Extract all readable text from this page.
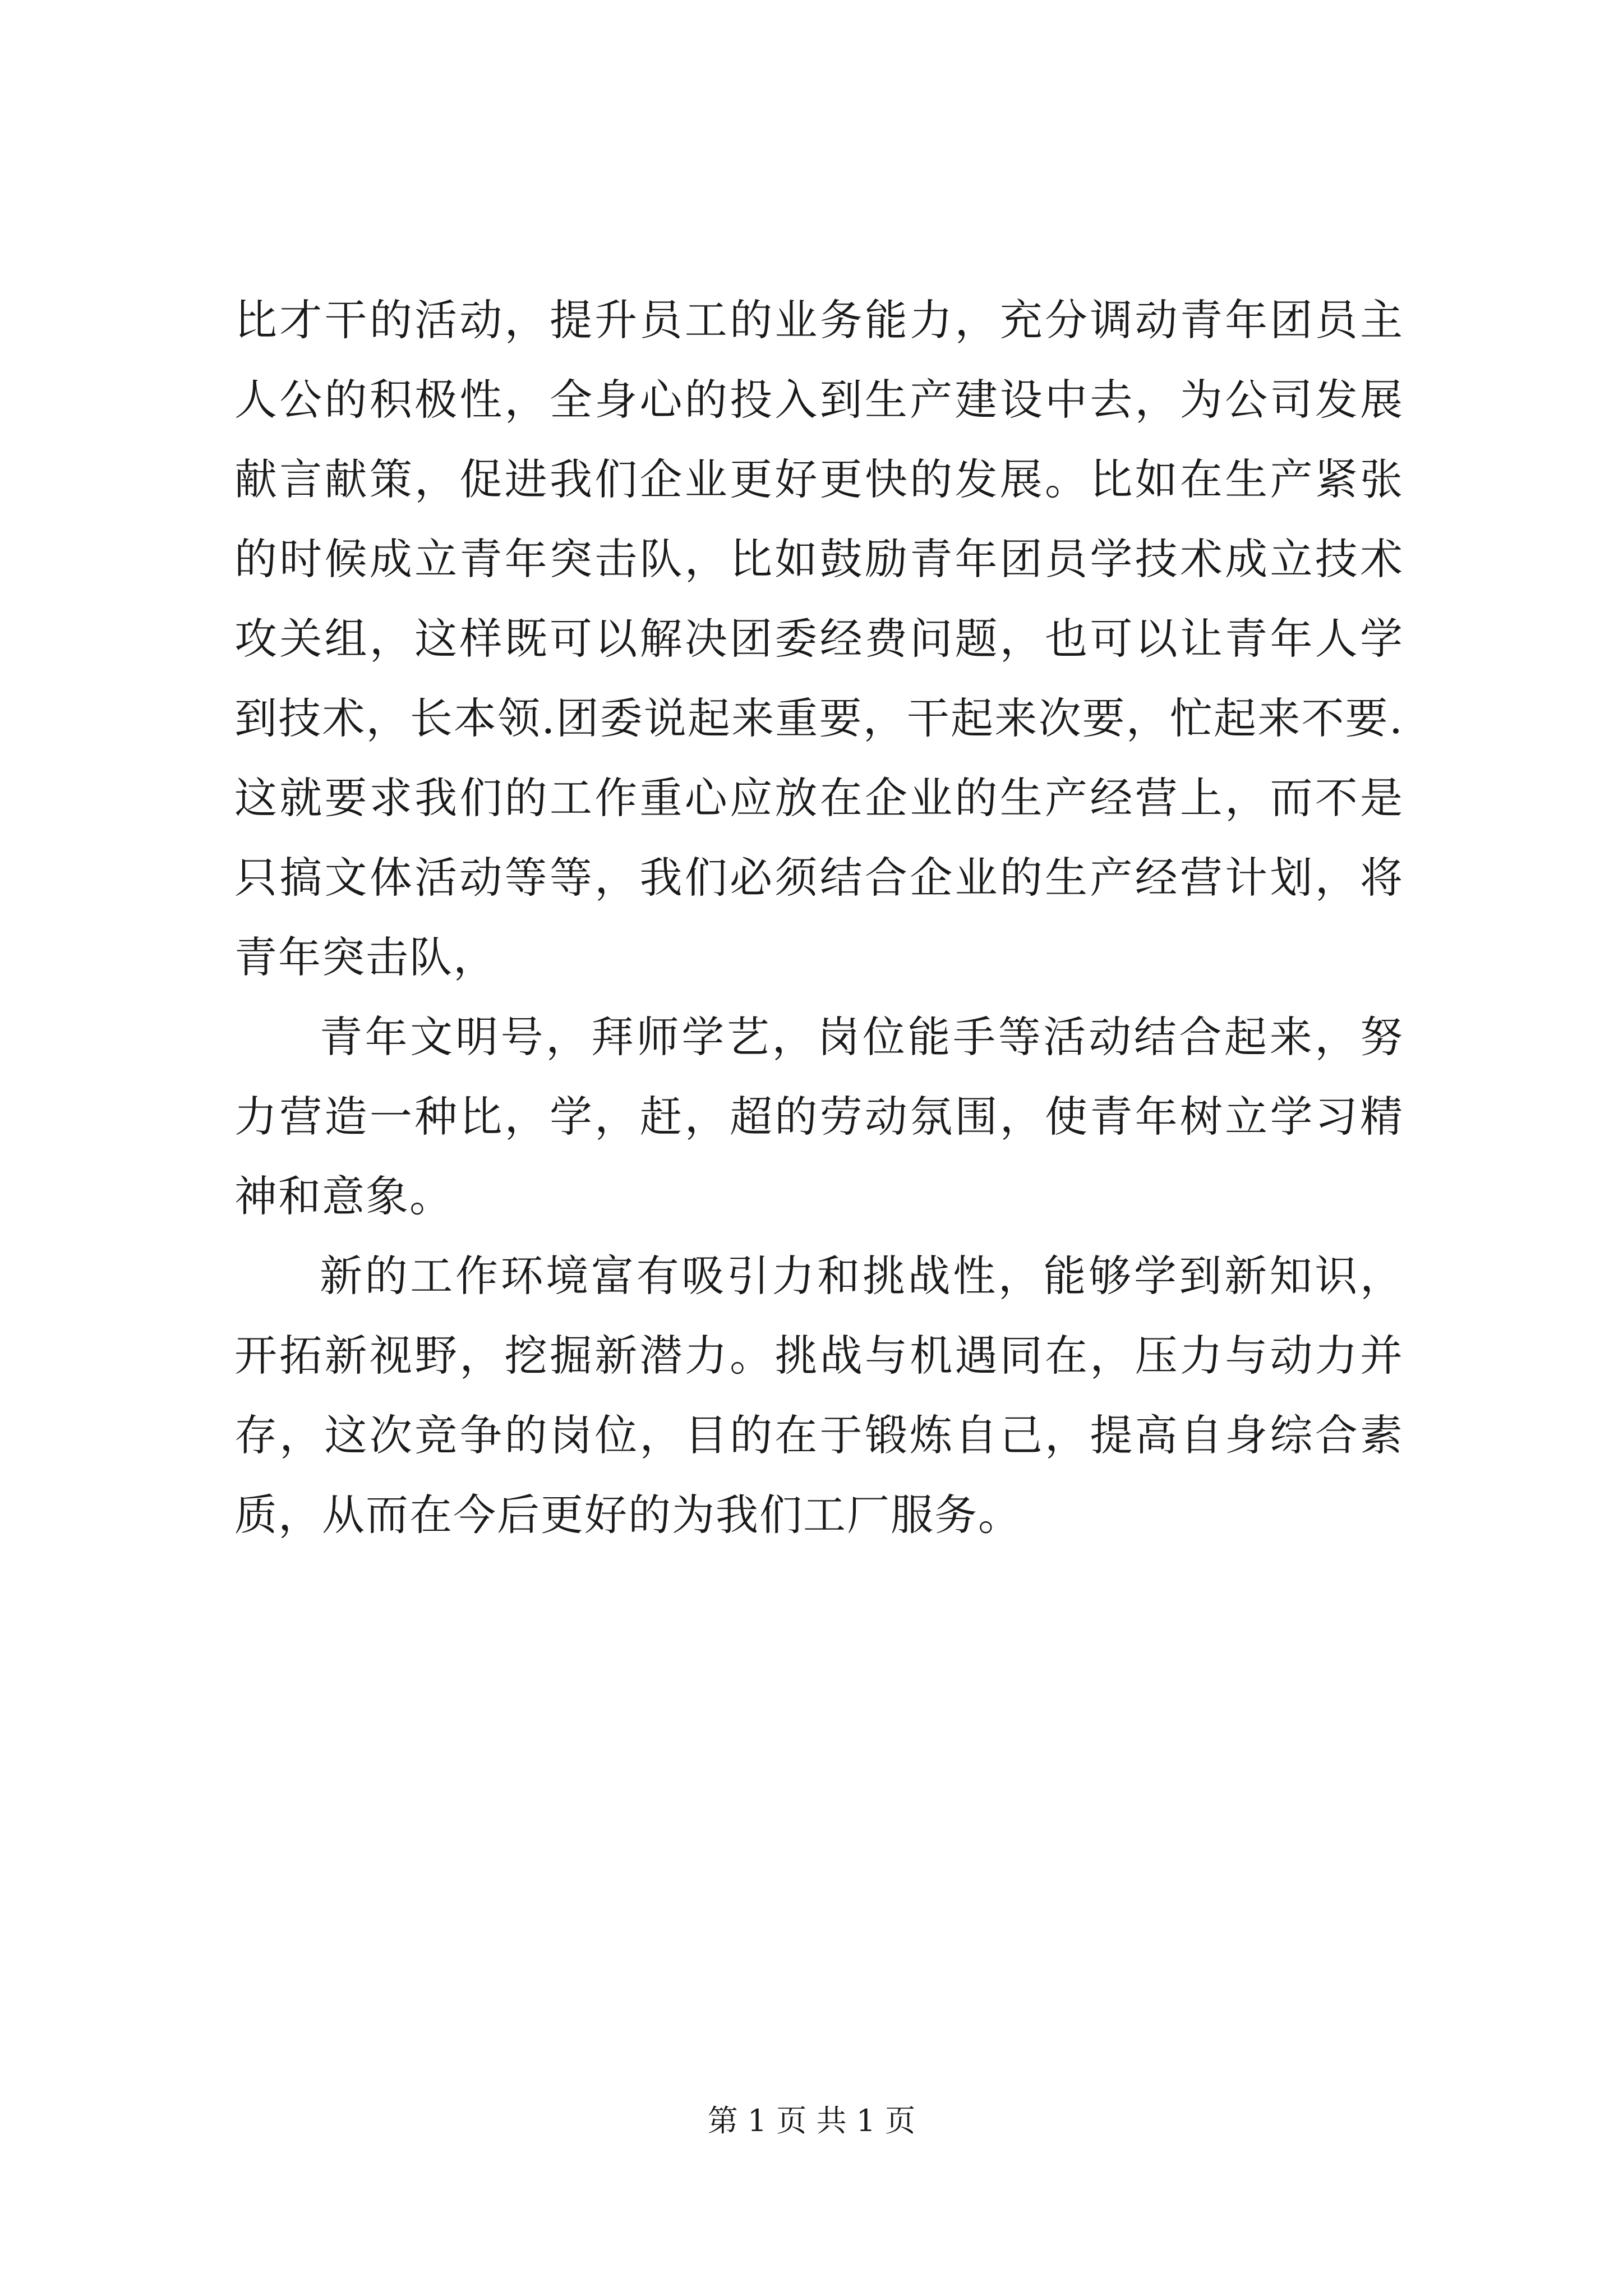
比才干的活动，提升员工的业务能力，充分调动青年团员主人公的积极性，全身心的投入到生产建设中去，为公司发展献言献策，促进我们企业更好更快的发展。比如在生产紧张的时候成立青年突击队，比如鼓励青年团员学技术成立技术攻关组，这样既可以解决团委经费问题，也可以让青年人学到技术，长本领.团委说起来重要，干起来次要，忙起来不要.这就要求我们的工作重心应放在企业的生产经营上，而不是只搞文体活动等等，我们必须结合企业的生产经营计划，将青年突击队，

青年文明号，拜师学艺，岗位能手等活动结合起来，努力营造一种比，学，赶，超的劳动氛围，使青年树立学习精神和意象。

新的工作环境富有吸引力和挑战性，能够学到新知识，开拓新视野，挖掘新潜力。挑战与机遇同在，压力与动力并存，这次竞争的岗位，目的在于锻炼自己，提高自身综合素质，从而在今后更好的为我们工厂服务。

第 1 页 共 1 页
